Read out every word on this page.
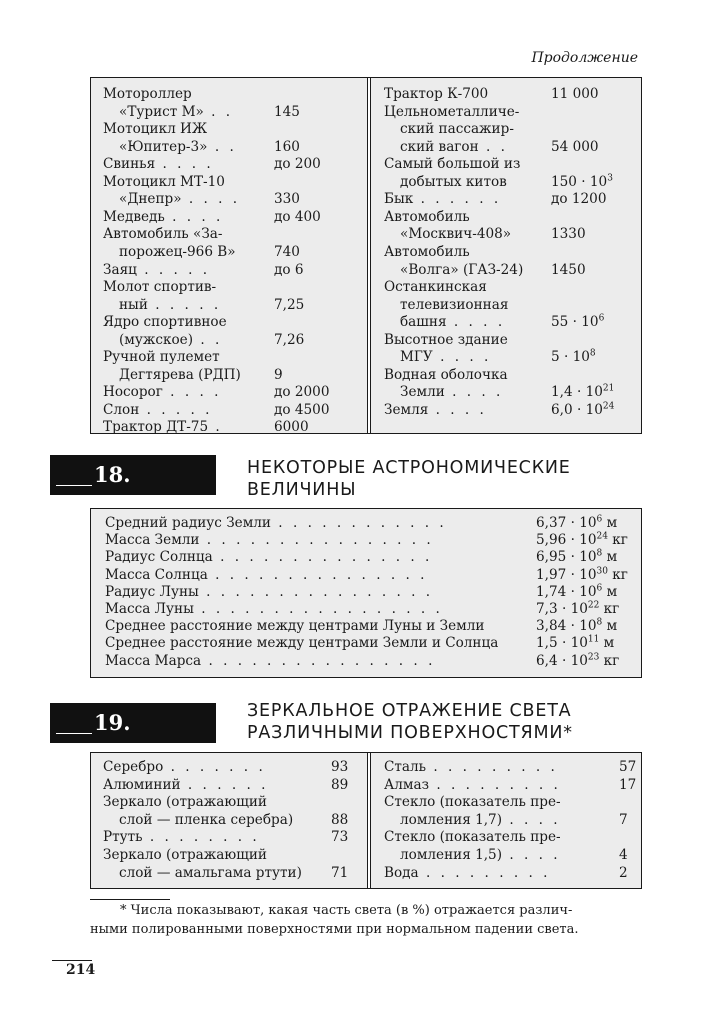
Продолжение
Мотороллер
«Турист М» . .	145
Мотоцикл ИЖ
«Юпитер-3» . .	160
Свинья . . . .	до 200
Мотоцикл МТ-10
«Днепр» . . . . 330
Медведь . . . .	до 400
Автомобиль «За-
порожец-966 В»	740
Заяц . . . . .	до 6
Молот спортив-
ный . . . . .	7,25
Ядро спортивное
(мужское) . .	7,26
Ручной пулемет
Дегтярева (РДП) 9
Носорог . . . .	до 2000
Слон . . . . .	до 4500
Трактор ДТ-75 .	6000
Трактор К-700	11 000
Цельнометалличе-
ский пассажир-
ский вагон . .	54 000
Самый большой из
добытых китов	$150 \cdot 10^3$
Бык . . . . . .	до 1200
Автомобиль
«Москвич-408»	1330
Автомобиль
«Волга» (ГАЗ-24) 1450
Останкинская
телевизионная
башня . . . .	$55 \cdot 10^6$
Высотное здание
МГУ . . . .	$5 \cdot 10^8$
Водная оболочка
Земли . . . .	$1,4 \cdot 10^{21}$
Земля . . . .	$6,0 \cdot 10^{24}$
18.	НЕКОТОРЫЕ АСТРОНОМИЧЕСКИЕ
ВЕЛИЧИНЫ
Средний радиус Земли . . . . . . . . . . . .	$6,37 \cdot 10^6$ м
Масса Земли . . . . . . . . . . . . . . . .	$5,96 \cdot 10^{24}$ кг
Радиус Солнца . . . . . . . . . . . . . . .	$6,95 \cdot 10^8$ м
Масса Солнца . . . . . . . . . . . . . . .	$1,97 \cdot 10^{30}$ кг
Радиус Луны . . . . . . . . . . . . . . . .	$1,74 \cdot 10^6$ м
Масса Луны . . . . . . . . . . . . . . . . .	$7,3 \cdot 10^{22}$ кг
Среднее расстояние между центрами Луны и Земли	$3,84 \cdot 10^8$ м
Среднее расстояние между центрами Земли и Солнца	$1,5 \cdot 10^{11}$ м
Масса Марса . . . . . . . . . . . . . . . .	$6,4 \cdot 10^{23}$ кг
19.	ЗЕРКАЛЬНОЕ ОТРАЖЕНИЕ СВЕТА
РАЗЛИЧНЫМИ ПОВЕРХНОСТЯМИ*
Серебро . . . . . . .	93
Алюминий . . . . . .	89
Зеркало (отражающий
слой — пленка серебра)	88
Ртуть . . . . . . . .	73
Зеркало (отражающий
слой — амальгама ртути) 71
Сталь . . . . . . . . .	57
Алмаз . . . . . . . . .	17
Стекло (показатель пре-
ломления 1,7) . . . .	7
Стекло (показатель пре-
ломления 1,5) . . . .	4
Вода . . . . . . . . .	2
* Числа показывают, какая часть света (в %) отражается различ-
ными полированными поверхностями при нормальном падении света.
214
